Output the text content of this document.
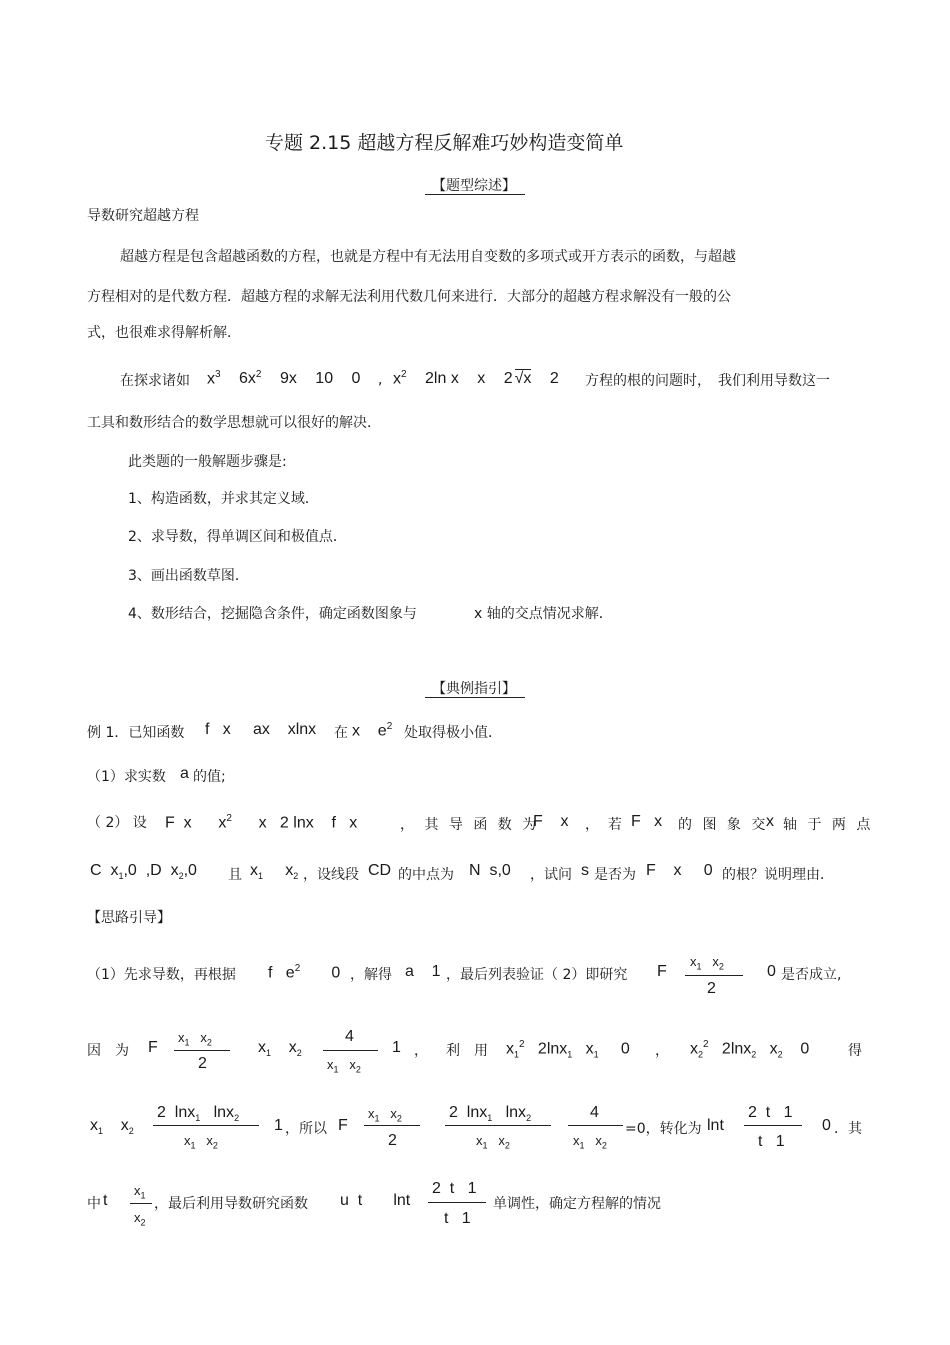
专题 2.15 超越方程反解难巧妙构造变简单
【题型综述】
导数研究超越方程
超越方程是包含超越函数的方程，也就是方程中有无法用自变数的多项式或开方表示的函数，与超越
方程相对的是代数方程．超越方程的求解无法利用代数几何来进行．大部分的超越方程求解没有一般的公
式，也很难求得解析解．
在探求诸如 $x^3$ $6x^2$ 9x 10 0 , $x^2$ 2ln x x 2 √x 2 方程的根的问题时，　我们利用导数这一
工具和数形结合的数学思想就可以很好的解决．
此类题的一般解题步骤是:
1、构造函数，并求其定义域．
2、求导数，得单调区间和极值点．
3、画出函数草图．
4、数形结合，挖掘隐含条件，确定函数图象与	x 轴的交点情况求解．
【典例指引】
例 1．已知函数 f   x     ax    xlnx 在 x    $e^2$ 处取得极小值．
（1）求实数 a 的值;
（ 2） 设 F  x      $x^2$      x   2 lnx    f   x	， 其 导 函 数 为
F    x ，  若 F   x 的 图 象 交 x 轴 于 两 点
C  $x_1,0$  ,D  $x_2,0$ 且 $x_1$     $x_2$ ，设线段 CD 的中点为 N  s,0 ，试问 s 是否为 F    x     0 的根？说明理由．
【思路引导】
（1）先求导数，再根据 f   $e^2$       0 ，解得 a    1 ，最后列表验证（ 2）即研究 F
$x_1$   $x_2$
2
0 是否成立,
因　为 F
$x_1$   $x_2$
2
$x_1$    $x_2$
4
$x_1$   $x_2$
1 ， 利　用 $x_1^2$   2lnx$_1$   $x_1$     0 ， $x_2^2$   2lnx$_2$   $x_2$    0	得
$x_1$    $x_2$
2  lnx$_1$   lnx$_2$
$x_1$   $x_2$
1 ，所以 F
$x_1$   $x_2$
2
2  lnx$_1$   lnx$_2$
$x_1$   $x_2$
4
$x_1$   $x_2$
=0，转化为 lnt
2  t   1
t   1
0 ．其
中 t
$x_1$
$x_2$
，最后利用导数研究函数 u  t       lnt
2  t   1
t   1
单调性，确定方程解的情况
